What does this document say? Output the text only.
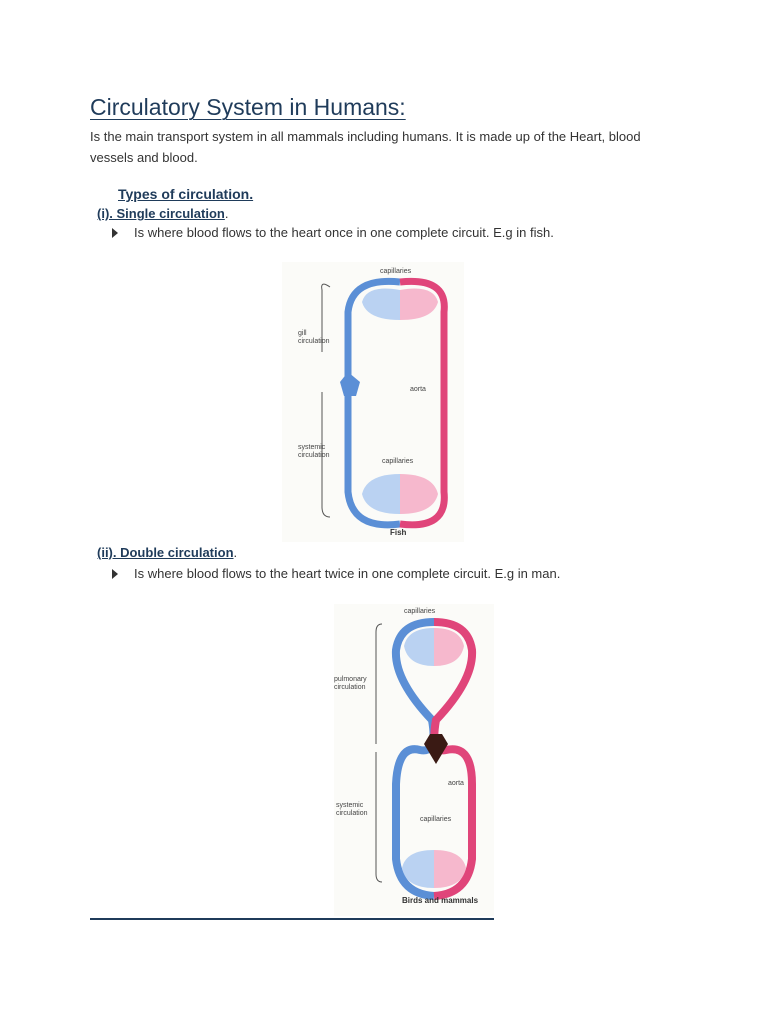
Circulatory System in Humans:
Is the main transport system in all mammals including humans. It is made up of the Heart, blood vessels and blood.
Types of circulation.
(i). Single circulation.
Is where blood flows to the heart once in one complete circuit. E.g in fish.
capillaries
gill
circulation
aorta
systemic
circulation
capillaries
Fish
(ii). Double circulation.
Is where blood flows to the heart twice in one complete circuit. E.g in man.
capillaries
pulmonary
circulation
aorta
systemic
circulation
capillaries
Birds and mammals
